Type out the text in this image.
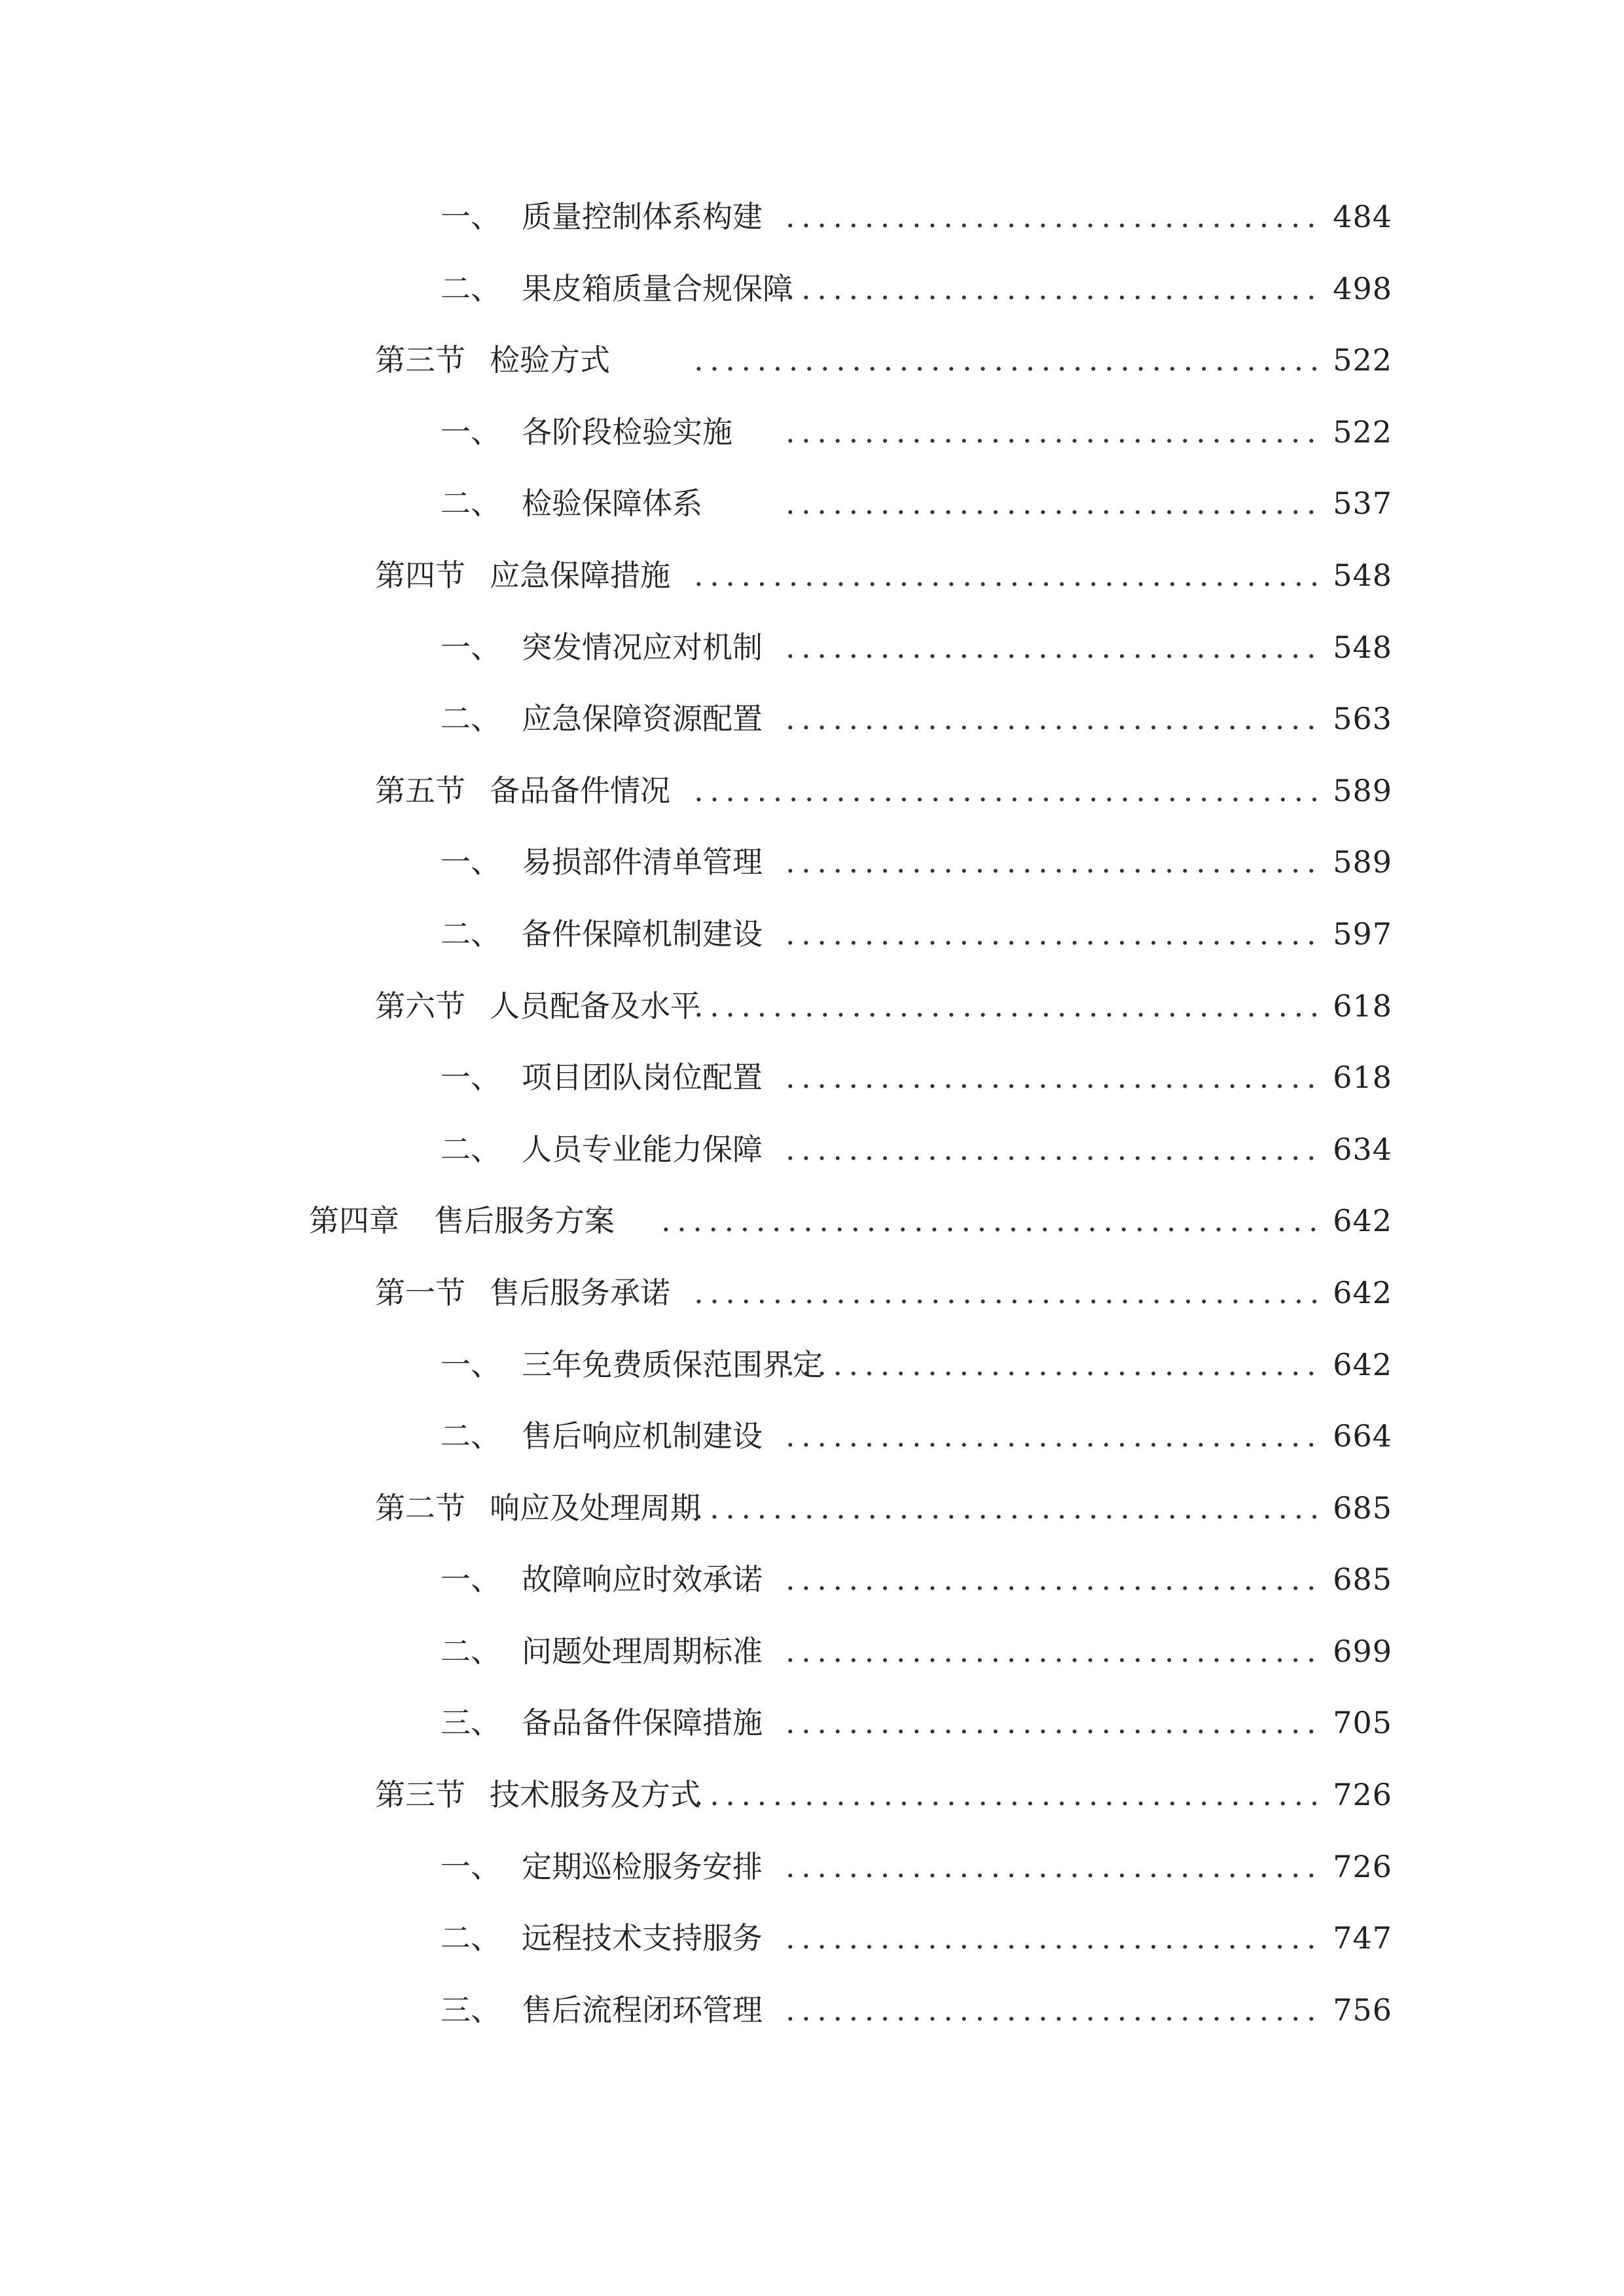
一、 质量控制体系构建 .....	484
二、 果皮箱质量合规保障 .....	498
第三节 检验方式 .....	522
一、 各阶段检验实施 .....	522
二、 检验保障体系 .....	537
第四节 应急保障措施 .....	548
一、 突发情况应对机制 .....	548
二、 应急保障资源配置 .....	563
第五节 备品备件情况 .....	589
一、 易损部件清单管理 .....	589
二、 备件保障机制建设 .....	597
第六节 人员配备及水平 .....	618
一、 项目团队岗位配置 .....	618
二、 人员专业能力保障 .....	634
第四章 售后服务方案 .....	642
第一节 售后服务承诺 .....	642
一、 三年免费质保范围界定 .....	642
二、 售后响应机制建设 .....	664
第二节 响应及处理周期 .....	685
一、 故障响应时效承诺 .....	685
二、 问题处理周期标准 .....	699
三、 备品备件保障措施 .....	705
第三节 技术服务及方式 .....	726
一、 定期巡检服务安排 .....	726
二、 远程技术支持服务 .....	747
三、 售后流程闭环管理 .....	756
